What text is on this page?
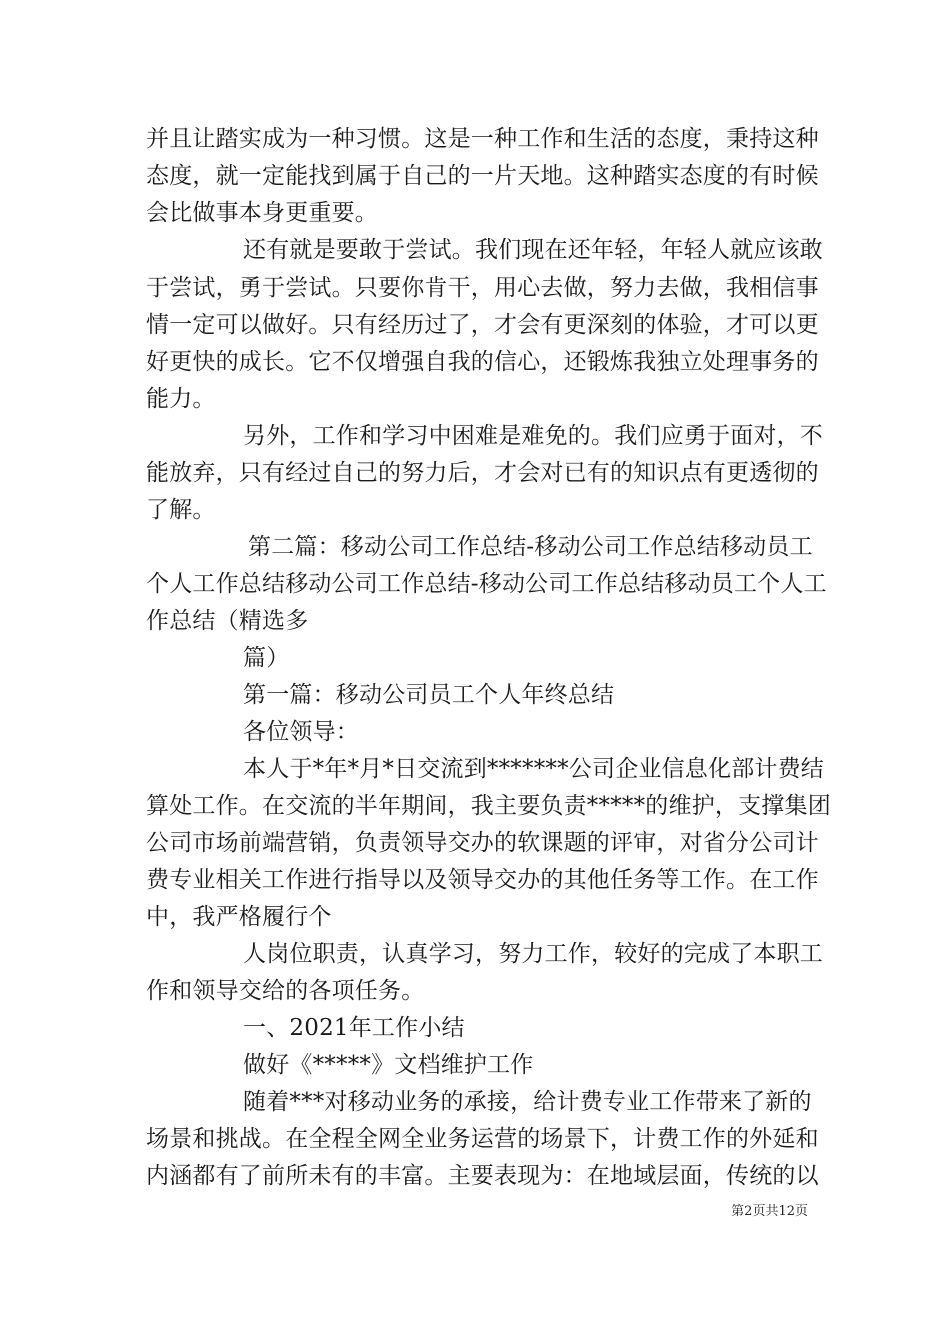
并且让踏实成为一种习惯。这是一种工作和生活的态度，秉持这种

态度，就一定能找到属于自己的一片天地。这种踏实态度的有时候

会比做事本身更重要。

还有就是要敢于尝试。我们现在还年轻，年轻人就应该敢

于尝试，勇于尝试。只要你肯干，用心去做，努力去做，我相信事

情一定可以做好。只有经历过了，才会有更深刻的体验，才可以更

好更快的成长。它不仅增强自我的信心，还锻炼我独立处理事务的

能力。

另外，工作和学习中困难是难免的。我们应勇于面对，不

能放弃，只有经过自己的努力后，才会对已有的知识点有更透彻的

了解。

第二篇：移动公司工作总结-移动公司工作总结移动员工

个人工作总结移动公司工作总结-移动公司工作总结移动员工个人工

作总结（精选多

篇）

第一篇：移动公司员工个人年终总结

各位领导：

本人于*年*月*日交流到*******公司企业信息化部计费结

算处工作。在交流的半年期间，我主要负责*****的维护，支撑集团

公司市场前端营销，负责领导交办的软课题的评审，对省分公司计

费专业相关工作进行指导以及领导交办的其他任务等工作。在工作

中，我严格履行个

人岗位职责，认真学习，努力工作，较好的完成了本职工

作和领导交给的各项任务。

一、2021年工作小结

做好《*****》文档维护工作

随着***对移动业务的承接，给计费专业工作带来了新的

场景和挑战。在全程全网全业务运营的场景下，计费工作的外延和

内涵都有了前所未有的丰富。主要表现为：在地域层面，传统的以

第2页共12页
